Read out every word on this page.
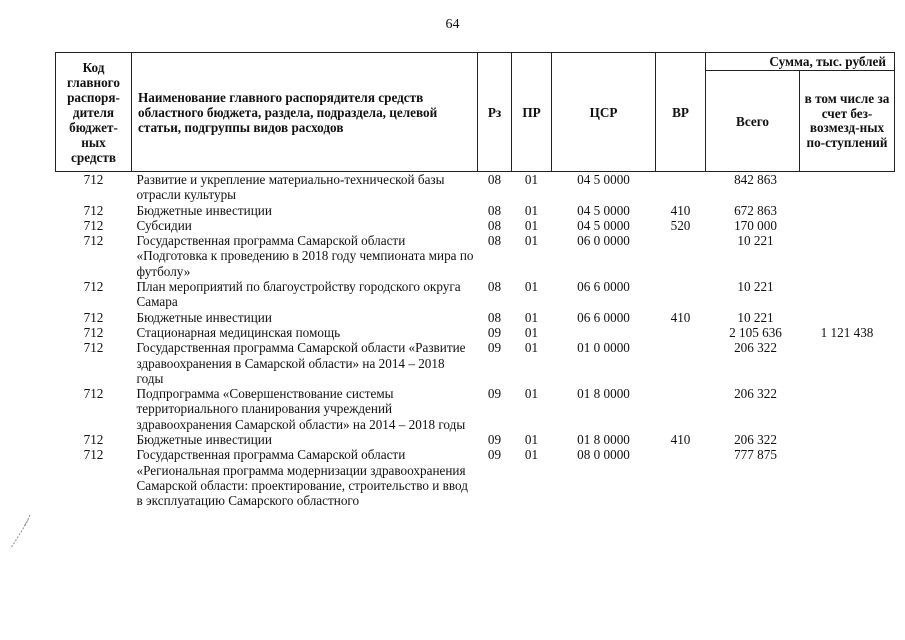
64
Код главного распоря-дителя бюджет-ных средств	Наименование главного распорядителя средств областного бюджета, раздела, подраздела, целевой статьи, подгруппы видов расходов	Рз	ПР	ЦСР	ВР	Сумма, тыс. рублей	
						Всего	в том числе за счет без-возмезд-ных по-ступлений
712	Развитие и укрепление материально-технической базы отрасли культуры	08	01	04 5 0000		842 863	
712	Бюджетные инвестиции	08	01	04 5 0000	410	672 863	
712	Субсидии	08	01	04 5 0000	520	170 000	
712	Государственная программа Самарской области «Подготовка к проведению в 2018 году чемпионата мира по футболу»	08	01	06 0 0000		10 221	
712	План мероприятий по благоустройству городского округа Самара	08	01	06 6 0000		10 221	
712	Бюджетные инвестиции	08	01	06 6 0000	410	10 221	
712	Стационарная медицинская помощь	09	01			2 105 636	1 121 438
712	Государственная программа Самарской области «Развитие здравоохранения в Самарской области» на 2014 – 2018 годы	09	01	01 0 0000		206 322	
712	Подпрограмма «Совершенствование системы территориального планирования учреждений здравоохранения Самарской области» на 2014 – 2018 годы	09	01	01 8 0000		206 322	
712	Бюджетные инвестиции	09	01	01 8 0000	410	206 322	
712	Государственная программа Самарской области «Региональная программа модернизации здравоохранения Самарской области: проектирование, строительство и ввод в эксплуатацию Самарского областного	09	01	08 0 0000		777 875	
